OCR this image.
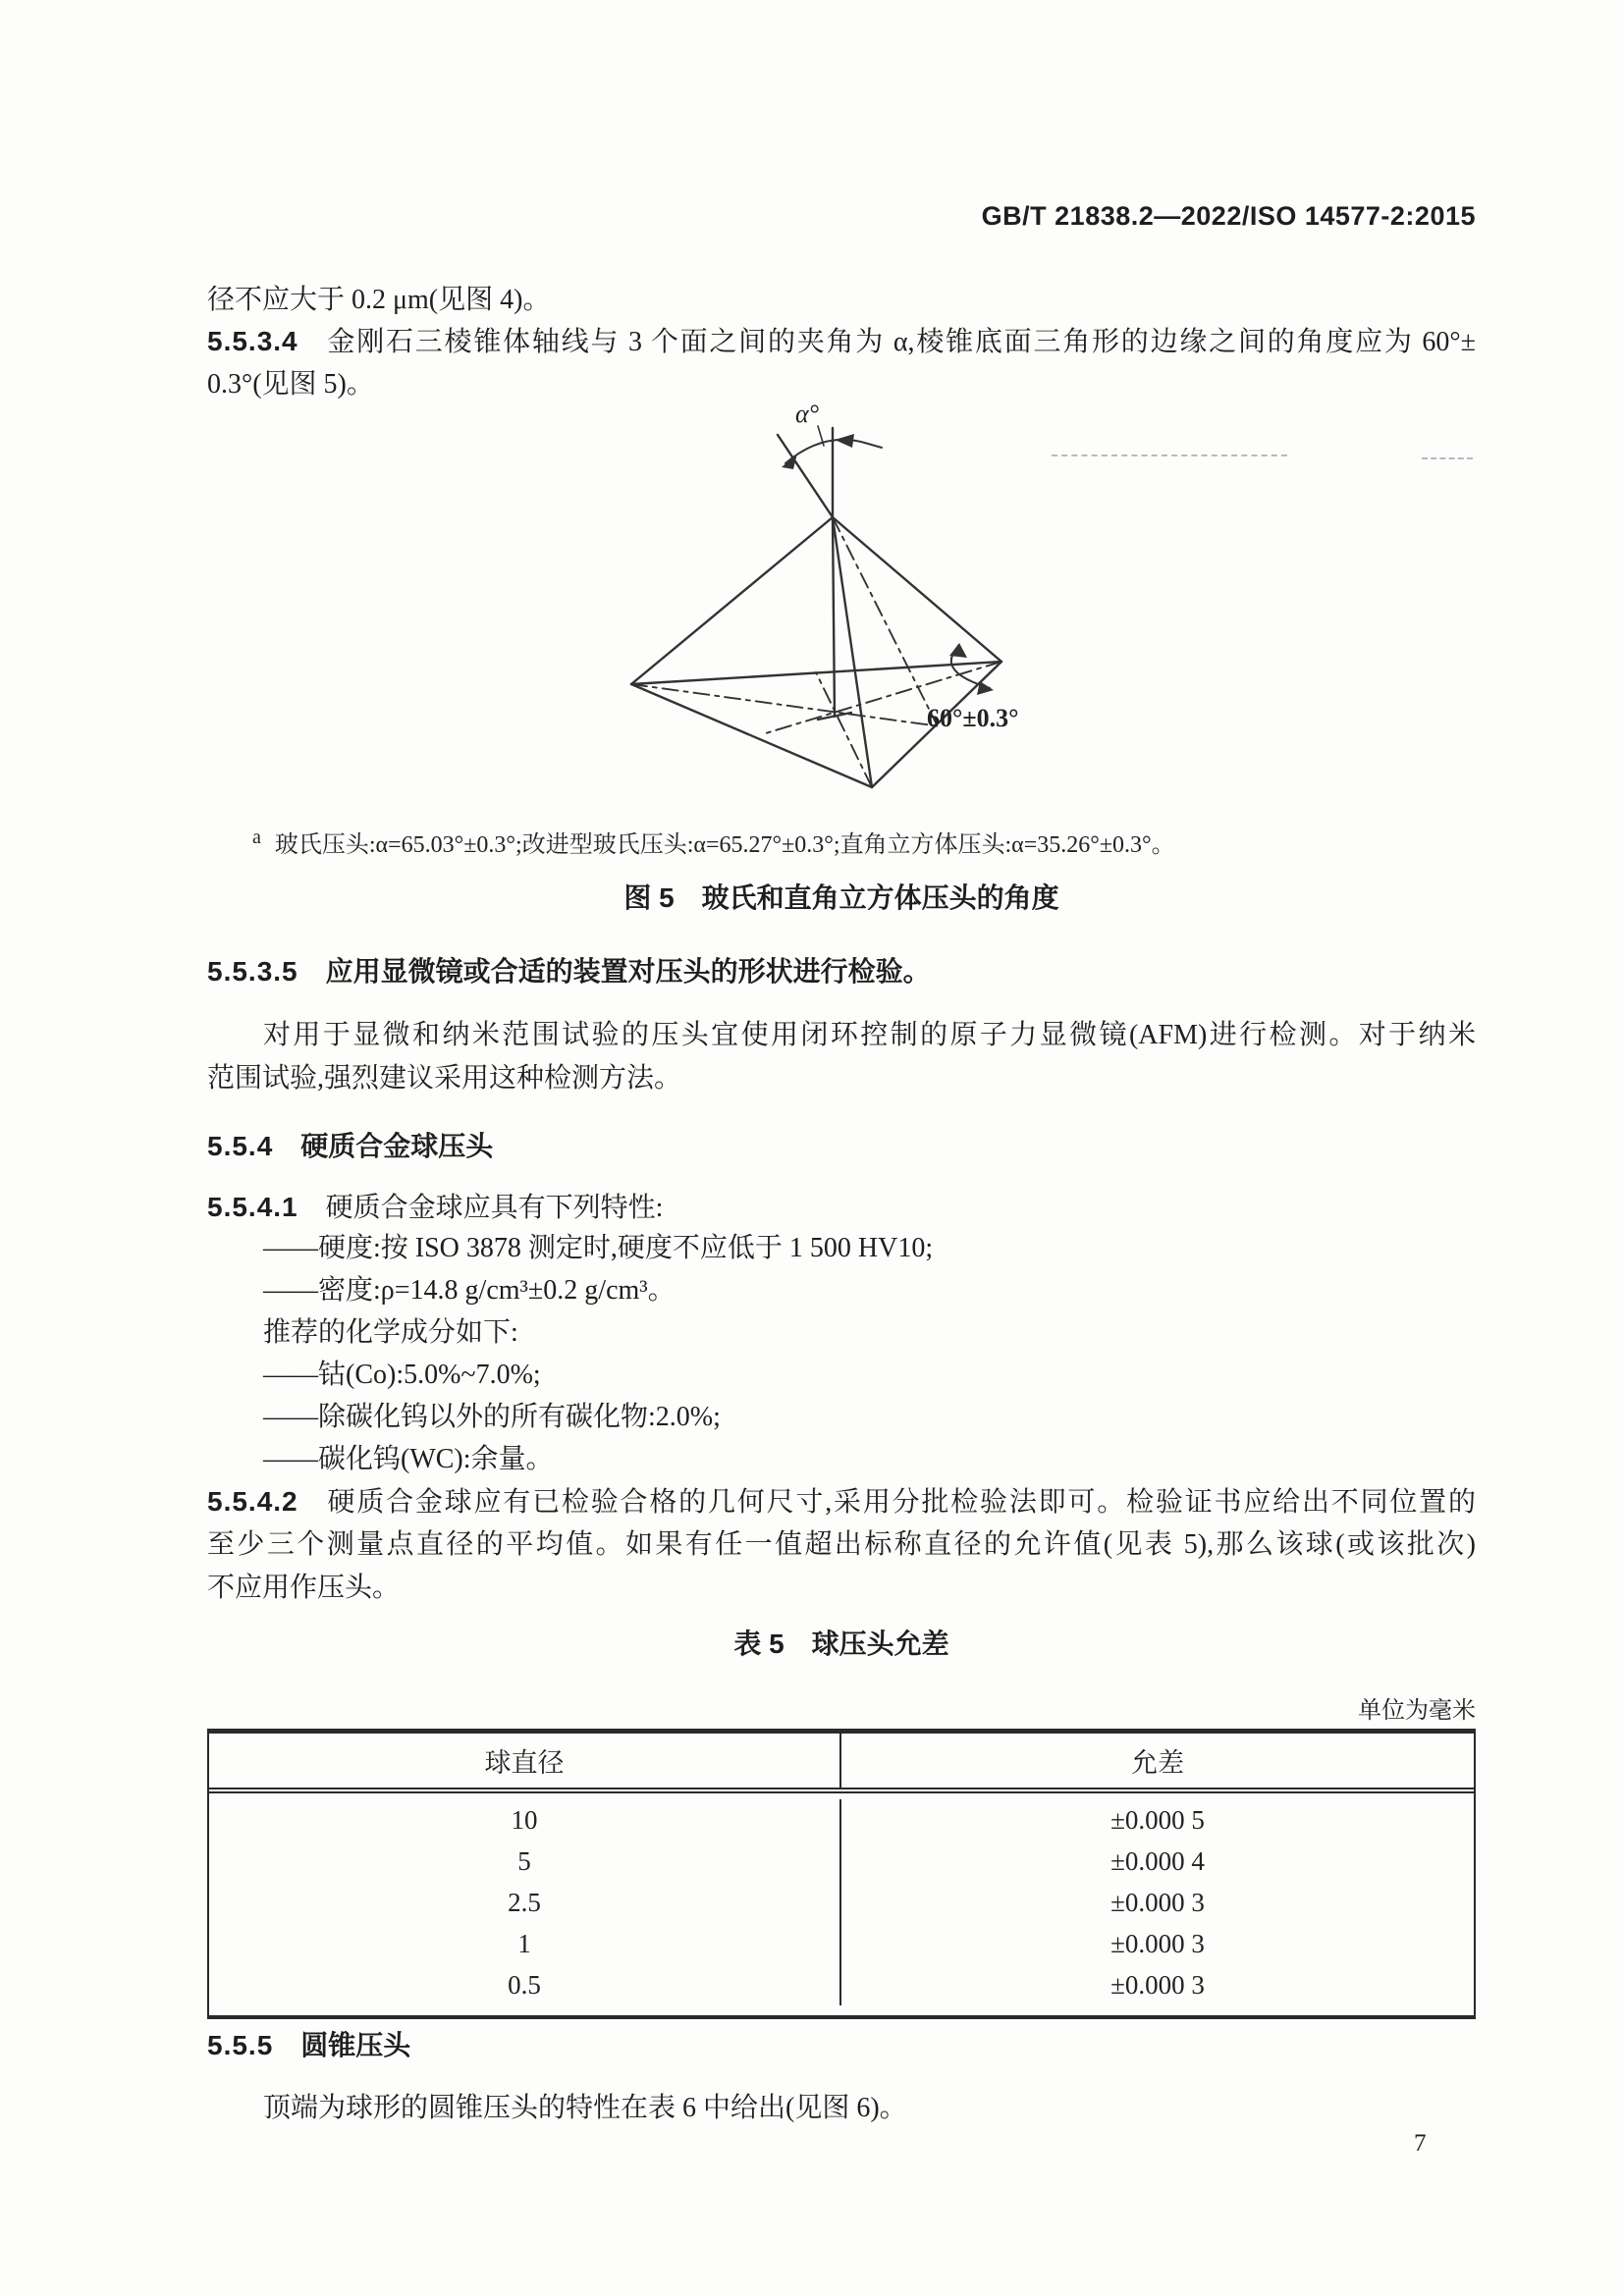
GB/T 21838.2—2022/ISO 14577-2:2015
径不应大于 0.2 μm(见图 4)。
5.5.3.4 金刚石三棱锥体轴线与 3 个面之间的夹角为 α,棱锥底面三角形的边缘之间的角度应为 60°±
0.3°(见图 5)。
α°
60°±0.3°
$^a$ 玻氏压头:α=65.03°±0.3°;改进型玻氏压头:α=65.27°±0.3°;直角立方体压头:α=35.26°±0.3°。
图 5　玻氏和直角立方体压头的角度
5.5.3.5 应用显微镜或合适的装置对压头的形状进行检验。
对用于显微和纳米范围试验的压头宜使用闭环控制的原子力显微镜(AFM)进行检测。对于纳米
范围试验,强烈建议采用这种检测方法。
5.5.4 硬质合金球压头
5.5.4.1 硬质合金球应具有下列特性:
——硬度:按 ISO 3878 测定时,硬度不应低于 1 500 HV10;
——密度:ρ=14.8 g/cm³±0.2 g/cm³。
推荐的化学成分如下:
——钴(Co):5.0%~7.0%;
——除碳化钨以外的所有碳化物:2.0%;
——碳化钨(WC):余量。
5.5.4.2 硬质合金球应有已检验合格的几何尺寸,采用分批检验法即可。检验证书应给出不同位置的
至少三个测量点直径的平均值。如果有任一值超出标称直径的允许值(见表 5),那么该球(或该批次)
不应用作压头。
表 5　球压头允差
单位为毫米
球直径	允差
10	±0.000 5
5	±0.000 4
2.5	±0.000 3
1	±0.000 3
0.5	±0.000 3
5.5.5 圆锥压头
顶端为球形的圆锥压头的特性在表 6 中给出(见图 6)。
7
